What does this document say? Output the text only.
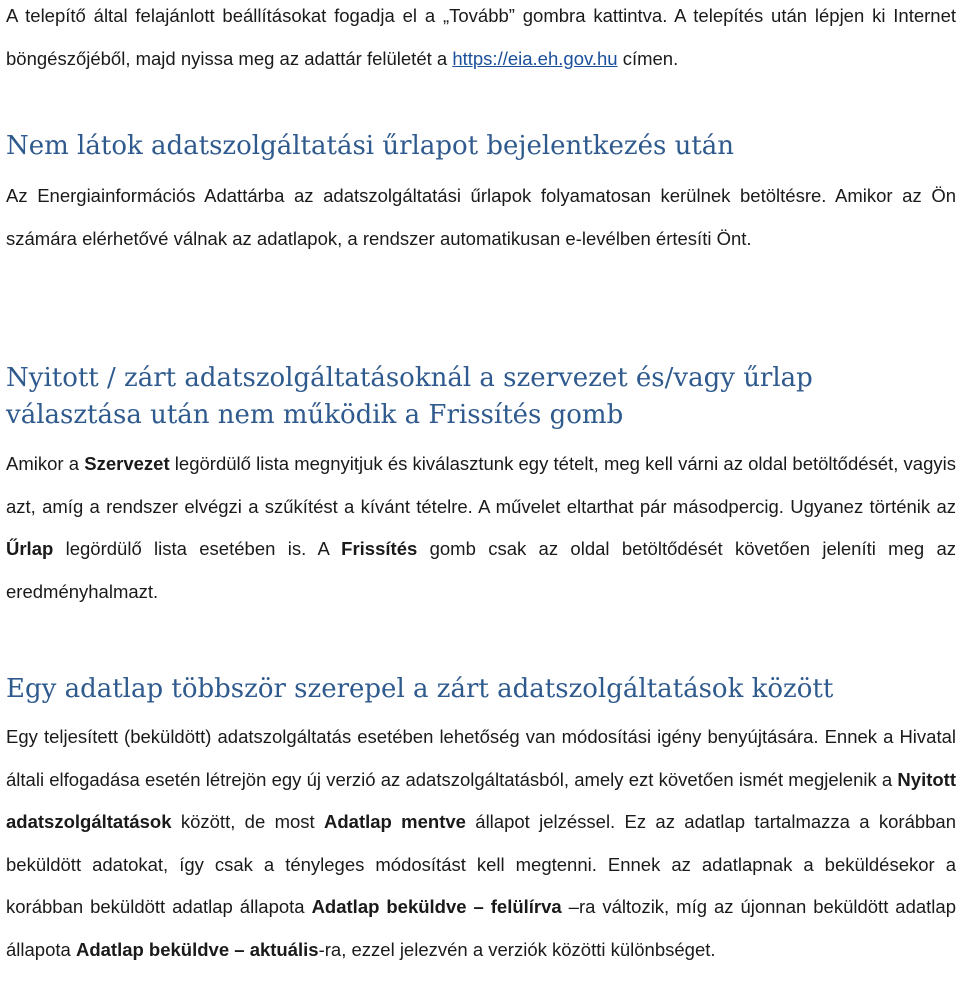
A telepítő által felajánlott beállításokat fogadja el a „Tovább” gombra kattintva. A telepítés után lépjen ki Internet böngészőjéből, majd nyissa meg az adattár felületét a https://eia.eh.gov.hu címen.

Nem látok adatszolgáltatási űrlapot bejelentkezés után

Az Energiainformációs Adattárba az adatszolgáltatási űrlapok folyamatosan kerülnek betöltésre. Amikor az Ön számára elérhetővé válnak az adatlapok, a rendszer automatikusan e-levélben értesíti Önt.

Nyitott / zárt adatszolgáltatásoknál a szervezet és/vagy űrlap
választása után nem működik a Frissítés gomb

Amikor a Szervezet legördülő lista megnyitjuk és kiválasztunk egy tételt, meg kell várni az oldal betöltődését, vagyis azt, amíg a rendszer elvégzi a szűkítést a kívánt tételre. A művelet eltarthat pár másodpercig. Ugyanez történik az Űrlap legördülő lista esetében is. A Frissítés gomb csak az oldal betöltődését követően jeleníti meg az eredményhalmazt.

Egy adatlap többször szerepel a zárt adatszolgáltatások között

Egy teljesített (beküldött) adatszolgáltatás esetében lehetőség van módosítási igény benyújtására. Ennek a Hivatal általi elfogadása esetén létrejön egy új verzió az adatszolgáltatásból, amely ezt követően ismét megjelenik a Nyitott adatszolgáltatások között, de most Adatlap mentve állapot jelzéssel. Ez az adatlap tartalmazza a korábban beküldött adatokat, így csak a tényleges módosítást kell megtenni. Ennek az adatlapnak a beküldésekor a korábban beküldött adatlap állapota Adatlap beküldve – felülírva –ra változik, míg az újonnan beküldött adatlap állapota Adatlap beküldve – aktuális-ra, ezzel jelezvén a verziók közötti különbséget.
